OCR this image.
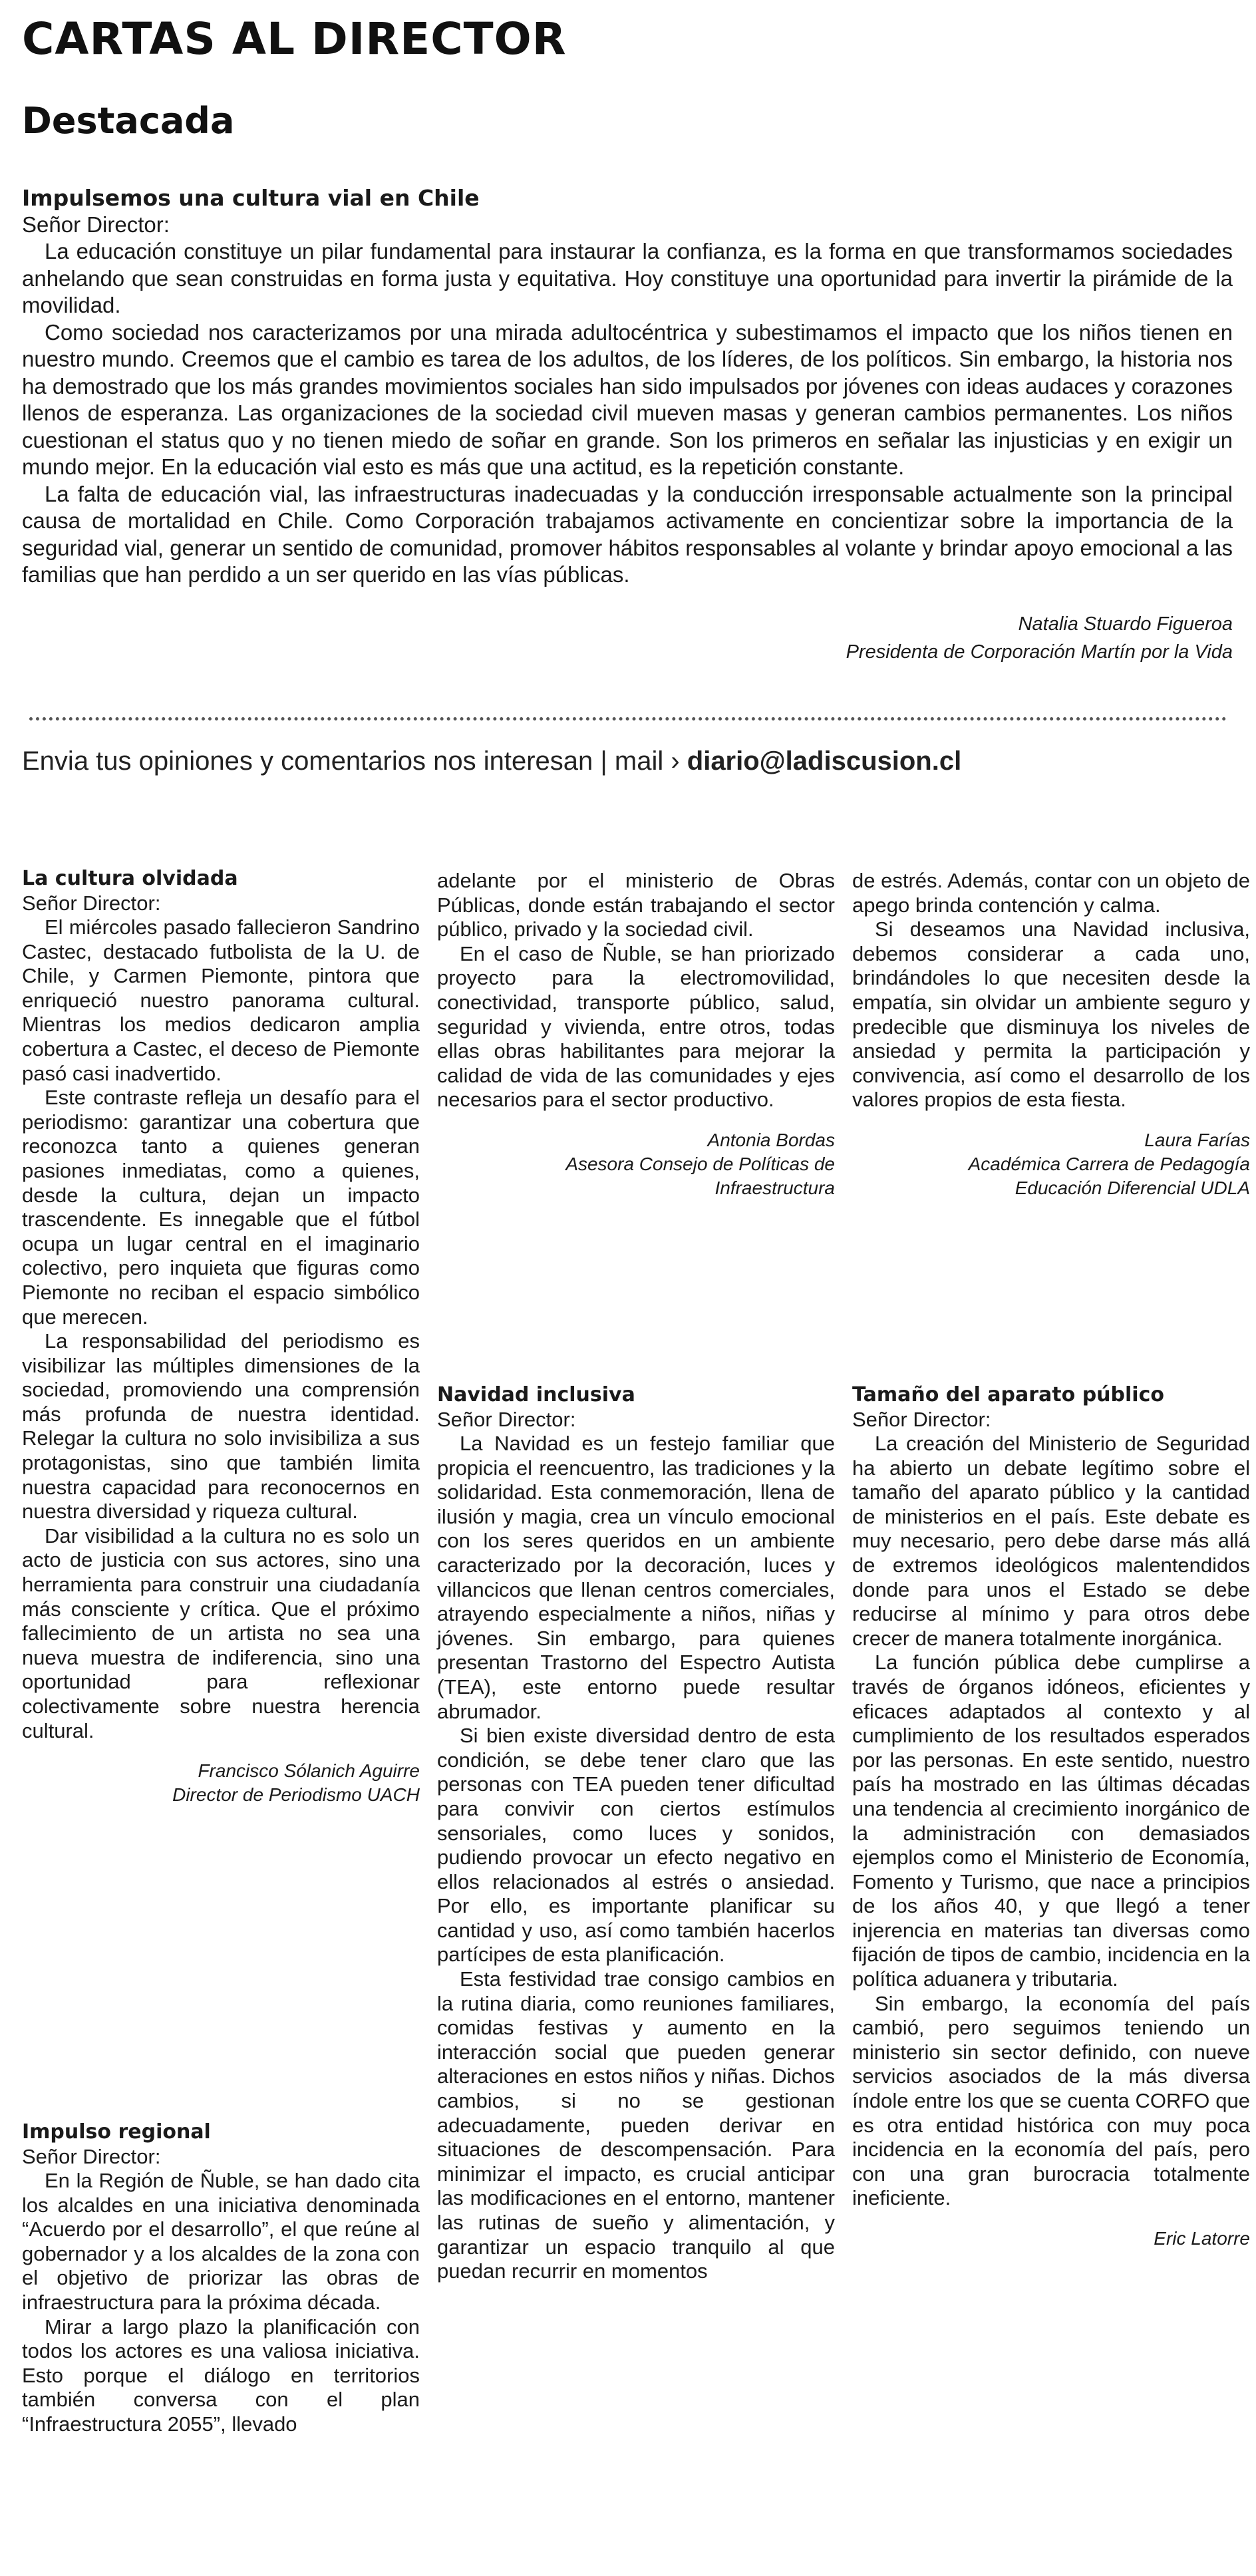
CARTAS AL DIRECTOR
Destacada
Impulsemos una cultura vial en Chile
Señor Director:

La educación constituye un pilar fundamental para instaurar la confianza, es la forma en que transformamos sociedades anhelando que sean construidas en forma justa y equitativa. Hoy constituye una oportunidad para invertir la pirámide de la movilidad.

Como sociedad nos caracterizamos por una mirada adultocéntrica y subestimamos el impacto que los niños tienen en nuestro mundo. Creemos que el cambio es tarea de los adultos, de los líderes, de los políticos. Sin embargo, la historia nos ha demostrado que los más grandes movimientos sociales han sido impulsados por jóvenes con ideas audaces y corazones llenos de esperanza. Las organizaciones de la sociedad civil mueven masas y generan cambios permanentes. Los niños cuestionan el status quo y no tienen miedo de soñar en grande. Son los primeros en señalar las injusticias y en exigir un mundo mejor. En la educación vial esto es más que una actitud, es la repetición constante.

La falta de educación vial, las infraestructuras inadecuadas y la conducción irresponsable actualmente son la principal causa de mortalidad en Chile. Como Corporación trabajamos activamente en concientizar sobre la importancia de la seguridad vial, generar un sentido de comunidad, promover hábitos responsables al volante y brindar apoyo emocional a las familias que han perdido a un ser querido en las vías públicas.

Natalia Stuardo Figueroa
Presidenta de Corporación Martín por la Vida
Envia tus opiniones y comentarios nos interesan | mail › diario@ladiscusion.cl
La cultura olvidada
Señor Director:

El miércoles pasado fallecieron Sandrino Castec, destacado futbolista de la U. de Chile, y Carmen Piemonte, pintora que enriqueció nuestro panorama cultural. Mientras los medios dedicaron amplia cobertura a Castec, el deceso de Piemonte pasó casi inadvertido.

Este contraste refleja un desafío para el periodismo: garantizar una cobertura que reconozca tanto a quienes generan pasiones inmediatas, como a quienes, desde la cultura, dejan un impacto trascendente. Es innegable que el fútbol ocupa un lugar central en el imaginario colectivo, pero inquieta que figuras como Piemonte no reciban el espacio simbólico que merecen.

La responsabilidad del periodismo es visibilizar las múltiples dimensiones de la sociedad, promoviendo una comprensión más profunda de nuestra identidad. Relegar la cultura no solo invisibiliza a sus protagonistas, sino que también limita nuestra capacidad para reconocernos en nuestra diversidad y riqueza cultural.

Dar visibilidad a la cultura no es solo un acto de justicia con sus actores, sino una herramienta para construir una ciudadanía más consciente y crítica. Que el próximo fallecimiento de un artista no sea una nueva muestra de indiferencia, sino una oportunidad para reflexionar colectivamente sobre nuestra herencia cultural.

Francisco Sólanich Aguirre
Director de Periodismo UACH
Impulso regional
Señor Director:

En la Región de Ñuble, se han dado cita los alcaldes en una iniciativa denominada “Acuerdo por el desarrollo”, el que reúne al gobernador y a los alcaldes de la zona con el objetivo de priorizar las obras de infraestructura para la próxima década.

Mirar a largo plazo la planificación con todos los actores es una valiosa iniciativa. Esto porque el diálogo en territorios también conversa con el plan “Infraestructura 2055”, llevado

adelante por el ministerio de Obras Públicas, donde están trabajando el sector público, privado y la sociedad civil.

En el caso de Ñuble, se han priorizado proyecto para la electromovilidad, conectividad, transporte público, salud, seguridad y vivienda, entre otros, todas ellas obras habilitantes para mejorar la calidad de vida de las comunidades y ejes necesarios para el sector productivo.

Antonia Bordas
Asesora Consejo de Políticas de
Infraestructura
Navidad inclusiva
Señor Director:

La Navidad es un festejo familiar que propicia el reencuentro, las tradiciones y la solidaridad. Esta conmemoración, llena de ilusión y magia, crea un vínculo emocional con los seres queridos en un ambiente caracterizado por la decoración, luces y villancicos que llenan centros comerciales, atrayendo especialmente a niños, niñas y jóvenes. Sin embargo, para quienes presentan Trastorno del Espectro Autista (TEA), este entorno puede resultar abrumador.

Si bien existe diversidad dentro de esta condición, se debe tener claro que las personas con TEA pueden tener dificultad para convivir con ciertos estímulos sensoriales, como luces y sonidos, pudiendo provocar un efecto negativo en ellos relacionados al estrés o ansiedad. Por ello, es importante planificar su cantidad y uso, así como también hacerlos partícipes de esta planificación.

Esta festividad trae consigo cambios en la rutina diaria, como reuniones familiares, comidas festivas y aumento en la interacción social que pueden generar alteraciones en estos niños y niñas. Dichos cambios, si no se gestionan adecuadamente, pueden derivar en situaciones de descompensación. Para minimizar el impacto, es crucial anticipar las modificaciones en el entorno, mantener las rutinas de sueño y alimentación, y garantizar un espacio tranquilo al que puedan recurrir en momentos

de estrés. Además, contar con un objeto de apego brinda contención y calma.

Si deseamos una Navidad inclusiva, debemos considerar a cada uno, brindándoles lo que necesiten desde la empatía, sin olvidar un ambiente seguro y predecible que disminuya los niveles de ansiedad y permita la participación y convivencia, así como el desarrollo de los valores propios de esta fiesta.

Laura Farías
Académica Carrera de Pedagogía
Educación Diferencial UDLA
Tamaño del aparato público
Señor Director:

La creación del Ministerio de Seguridad ha abierto un debate legítimo sobre el tamaño del aparato público y la cantidad de ministerios en el país. Este debate es muy necesario, pero debe darse más allá de extremos ideológicos malentendidos donde para unos el Estado se debe reducirse al mínimo y para otros debe crecer de manera totalmente inorgánica.

La función pública debe cumplirse a través de órganos idóneos, eficientes y eficaces adaptados al contexto y al cumplimiento de los resultados esperados por las personas. En este sentido, nuestro país ha mostrado en las últimas décadas una tendencia al crecimiento inorgánico de la administración con demasiados ejemplos como el Ministerio de Economía, Fomento y Turismo, que nace a principios de los años 40, y que llegó a tener injerencia en materias tan diversas como fijación de tipos de cambio, incidencia en la política aduanera y tributaria.

Sin embargo, la economía del país cambió, pero seguimos teniendo un ministerio sin sector definido, con nueve servicios asociados de la más diversa índole entre los que se cuenta CORFO que es otra entidad histórica con muy poca incidencia en la economía del país, pero con una gran burocracia totalmente ineficiente.

Eric Latorre
